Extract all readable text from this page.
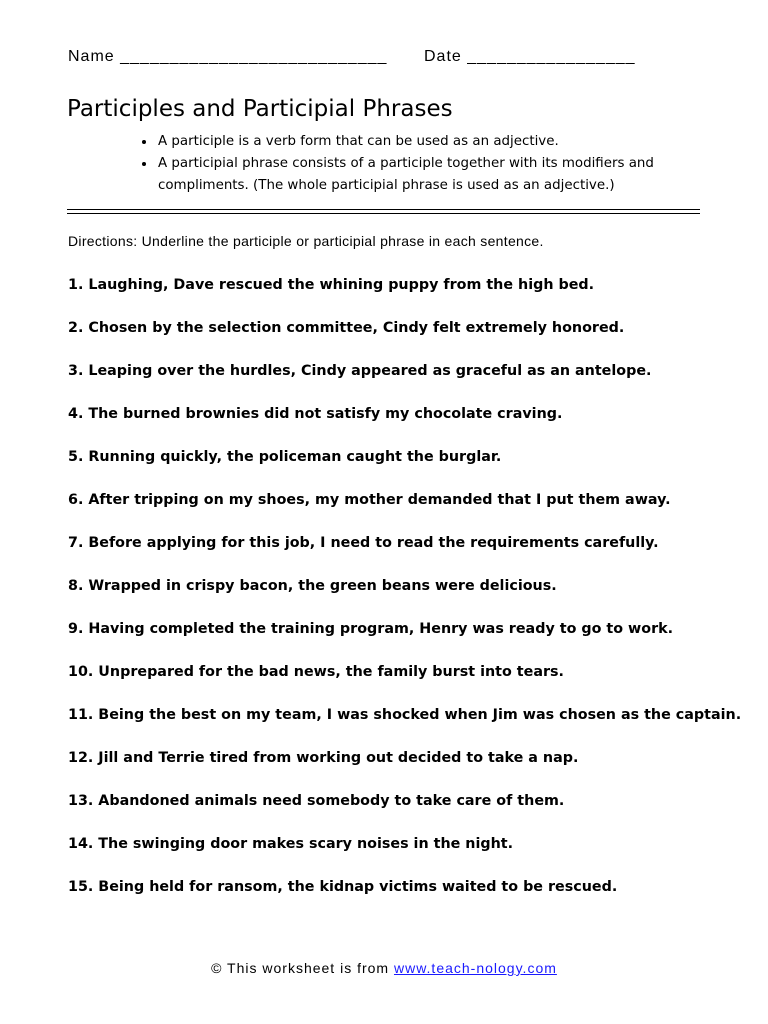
Name ___________________________ Date _________________
Participles and Participial Phrases
• A participle is a verb form that can be used as an adjective.
• A participial phrase consists of a participle together with its modifiers and compliments. (The whole participial phrase is used as an adjective.)
Directions: Underline the participle or participial phrase in each sentence.
1. Laughing, Dave rescued the whining puppy from the high bed.
2. Chosen by the selection committee, Cindy felt extremely honored.
3. Leaping over the hurdles, Cindy appeared as graceful as an antelope.
4. The burned brownies did not satisfy my chocolate craving.
5. Running quickly, the policeman caught the burglar.
6. After tripping on my shoes, my mother demanded that I put them away.
7. Before applying for this job, I need to read the requirements carefully.
8. Wrapped in crispy bacon, the green beans were delicious.
9. Having completed the training program, Henry was ready to go to work.
10. Unprepared for the bad news, the family burst into tears.
11. Being the best on my team, I was shocked when Jim was chosen as the captain.
12. Jill and Terrie tired from working out decided to take a nap.
13. Abandoned animals need somebody to take care of them.
14. The swinging door makes scary noises in the night.
15. Being held for ransom, the kidnap victims waited to be rescued.
© This worksheet is from www.teach-nology.com
